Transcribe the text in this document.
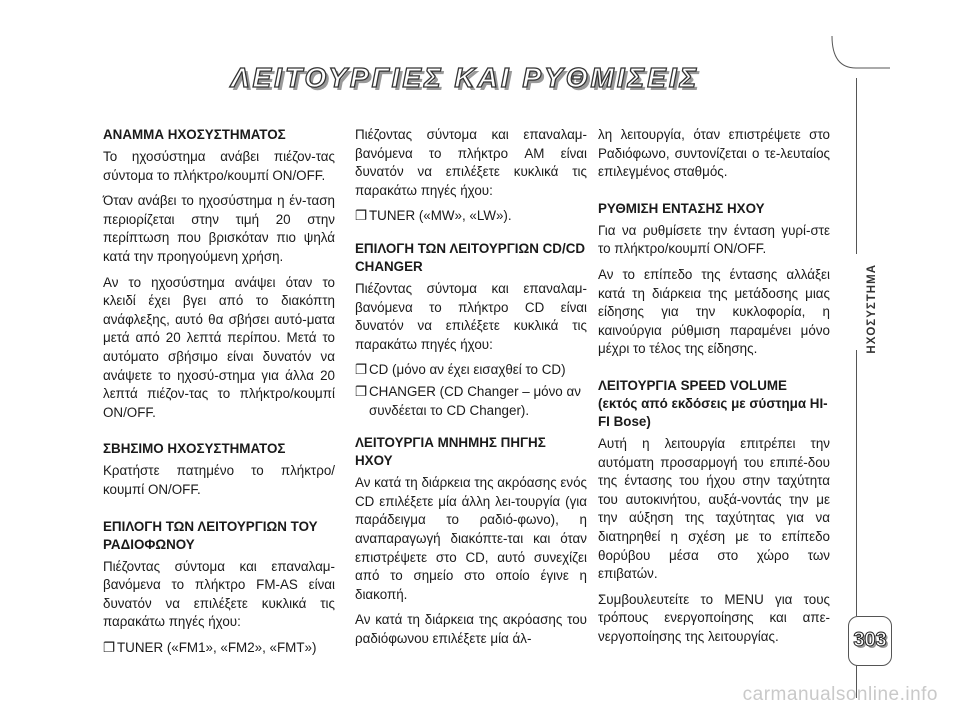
ΛΕΙΤΟΥΡΓΙΕΣ ΚΑΙ ΡΥΘΜΙΣΕΙΣ
ΑΝΑΜΜΑ ΗΧΟΣΥΣΤΗΜΑΤΟΣ

Το ηχοσύστημα ανάβει πιέζον-τας σύντομα το πλήκτρο/κουμπί ON/OFF.

Όταν ανάβει το ηχοσύστημα η έν-ταση περιορίζεται στην τιμή 20 στην περίπτωση που βρισκόταν πιο ψηλά κατά την προηγούμενη χρήση.

Αν το ηχοσύστημα ανάψει όταν το κλειδί έχει βγει από το διακόπτη ανάφλεξης, αυτό θα σβήσει αυτό-ματα μετά από 20 λεπτά περίπου. Μετά το αυτόματο σβήσιμο είναι δυνατόν να ανάψετε το ηχοσύ-στημα για άλλα 20 λεπτά πιέζον-τας το πλήκτρο/κουμπί ON/OFF.

ΣΒΗΣΙΜΟ ΗΧΟΣΥΣΤΗΜΑΤΟΣ

Κρατήστε πατημένο το πλήκτρο/ κουμπί ON/OFF.

ΕΠΙΛΟΓΗ ΤΩΝ ΛΕΙΤΟΥΡΓΙΩΝ ΤΟΥ ΡΑΔΙΟΦΩΝΟΥ

Πιέζοντας σύντομα και επαναλαμ-βανόμενα το πλήκτρο FM-AS είναι δυνατόν να επιλέξετε κυκλικά τις παρακάτω πηγές ήχου:

❐ TUNER («FM1», «FM2», «FMT»)

Πιέζοντας σύντομα και επαναλαμ-βανόμενα το πλήκτρο AM είναι δυνατόν να επιλέξετε κυκλικά τις παρακάτω πηγές ήχου:

❐ TUNER («MW», «LW»).
ΕΠΙΛΟΓΗ ΤΩΝ ΛΕΙΤΟΥΡΓΙΩΝ CD/CD CHANGER

Πιέζοντας σύντομα και επαναλαμ-βανόμενα το πλήκτρο CD είναι δυνατόν να επιλέξετε κυκλικά τις παρακάτω πηγές ήχου:

❐ CD (μόνο αν έχει εισαχθεί το CD)
❐ CHANGER (CD Changer – μόνο αν συνδέεται το CD Changer).
ΛΕΙΤΟΥΡΓΙΑ ΜΝΗΜΗΣ ΠΗΓΗΣ ΗΧΟΥ

Αν κατά τη διάρκεια της ακρόασης ενός CD επιλέξετε μία άλλη λει-τουργία (για παράδειγμα το ραδιό-φωνο), η αναπαραγωγή διακόπτε-ται και όταν επιστρέψετε στο CD, αυτό συνεχίζει από το σημείο στο οποίο έγινε η διακοπή.

Αν κατά τη διάρκεια της ακρόασης του ραδιόφωνου επιλέξετε μία άλ-

λη λειτουργία, όταν επιστρέψετε στο Ραδιόφωνο, συντονίζεται ο τε-λευταίος επιλεγμένος σταθμός.

ΡΥΘΜΙΣΗ ΕΝΤΑΣΗΣ ΗΧΟΥ

Για να ρυθμίσετε την ένταση γυρί-στε το πλήκτρο/κουμπί ON/OFF.

Αν το επίπεδο της έντασης αλλάξει κατά τη διάρκεια της μετάδοσης μιας είδησης για την κυκλοφορία, η καινούργια ρύθμιση παραμένει μόνο μέχρι το τέλος της είδησης.

ΛΕΙΤΟΥΡΓΙΑ SPEED VOLUME (εκτός από εκδόσεις με σύστημα HI-FI Bose)

Αυτή η λειτουργία επιτρέπει την αυτόματη προσαρμογή του επιπέ-δου της έντασης του ήχου στην ταχύτητα του αυτοκινήτου, αυξά-νοντάς την με την αύξηση της ταχύτητας για να διατηρηθεί η σχέση με το επίπεδο θορύβου μέσα στο χώρο των επιβατών.

Συμβουλευτείτε το MENU για τους τρόπους ενεργοποίησης και απε-νεργοποίησης της λειτουργίας.

ΗΧΟΣΥΣΤΗΜΑ
303
carmanualsonline.info
